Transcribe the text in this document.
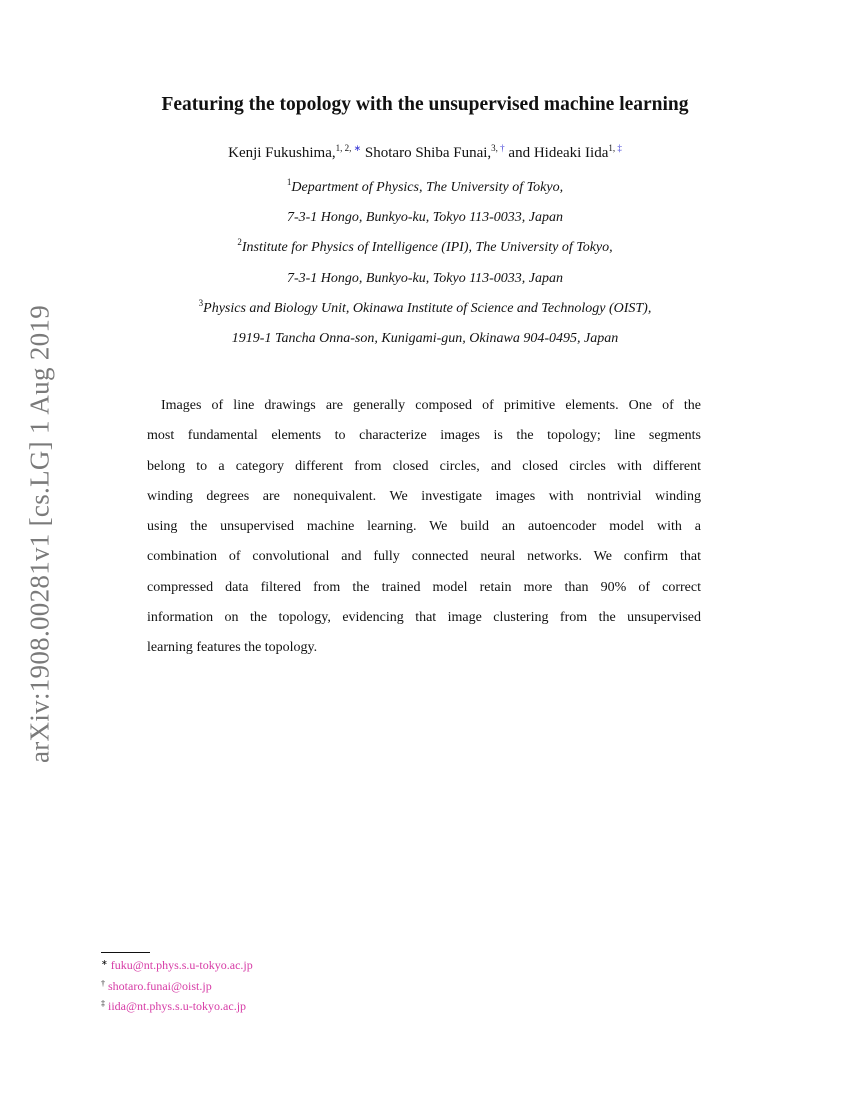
arXiv:1908.00281v1 [cs.LG] 1 Aug 2019
Featuring the topology with the unsupervised machine learning
Kenji Fukushima,$^{1, 2, ∗}$ Shotaro Shiba Funai,$^{3, \dagger}$ and Hideaki Iida$^{1, \ddagger}$
$^1$Department of Physics, The University of Tokyo,
7-3-1 Hongo, Bunkyo-ku, Tokyo 113-0033, Japan
$^2$Institute for Physics of Intelligence (IPI), The University of Tokyo,
7-3-1 Hongo, Bunkyo-ku, Tokyo 113-0033, Japan
$^3$Physics and Biology Unit, Okinawa Institute of Science and Technology (OIST),
1919-1 Tancha Onna-son, Kunigami-gun, Okinawa 904-0495, Japan
Images of line drawings are generally composed of primitive elements. One of the
most fundamental elements to characterize images is the topology; line segments
belong to a category different from closed circles, and closed circles with different
winding degrees are nonequivalent. We investigate images with nontrivial winding
using the unsupervised machine learning. We build an autoencoder model with a
combination of convolutional and fully connected neural networks. We confirm that
compressed data filtered from the trained model retain more than 90% of correct
information on the topology, evidencing that image clustering from the unsupervised
learning features the topology.
∗ fuku@nt.phys.s.u-tokyo.ac.jp
† shotaro.funai@oist.jp
‡ iida@nt.phys.s.u-tokyo.ac.jp
